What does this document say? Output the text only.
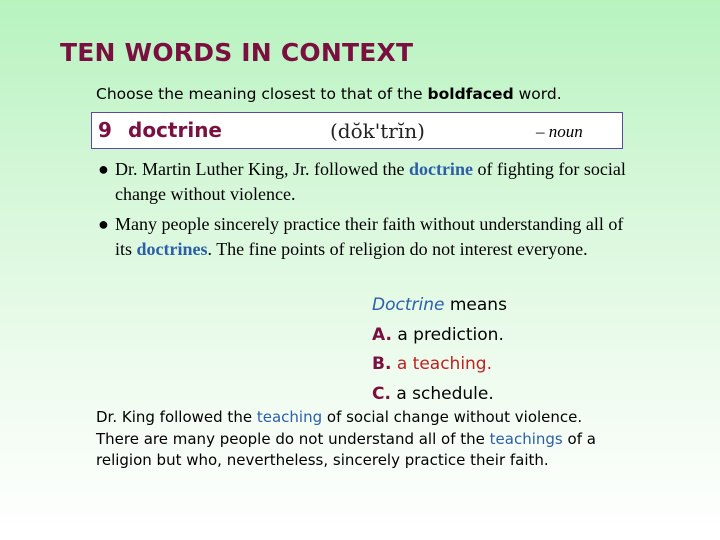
TEN WORDS IN CONTEXT
Choose the meaning closest to that of the boldfaced word.
9 doctrine	(dŏk'trĭn)	– noun
● Dr. Martin Luther King, Jr. followed the doctrine of fighting for social change without violence.
● Many people sincerely practice their faith without understanding all of its doctrines. The fine points of religion do not interest everyone.
Doctrine means
A. a prediction.
B. a teaching.
C. a schedule.
Dr. King followed the teaching of social change without violence.
There are many people do not understand all of the teachings of a religion but who, nevertheless, sincerely practice their faith.
